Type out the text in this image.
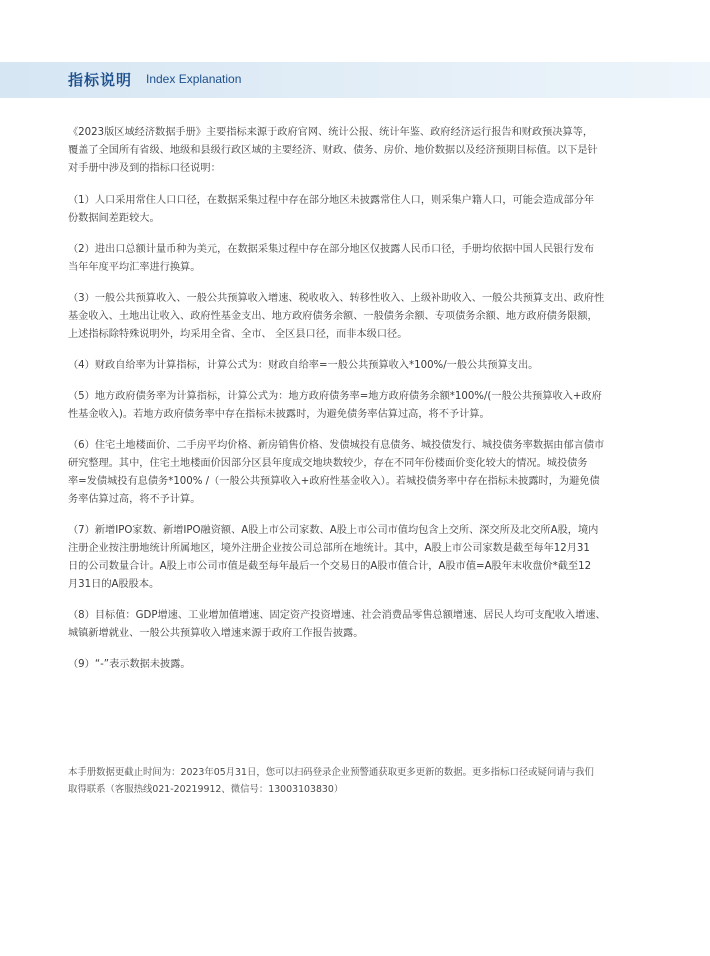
指标说明 Index Explanation

《2023版区域经济数据手册》主要指标来源于政府官网、统计公报、统计年鉴、政府经济运行报告和财政预决算等，
覆盖了全国所有省级、地级和县级行政区域的主要经济、财政、债务、房价、地价数据以及经济预期目标值。以下是针
对手册中涉及到的指标口径说明：

（1）人口采用常住人口口径，在数据采集过程中存在部分地区未披露常住人口，则采集户籍人口，可能会造成部分年
份数据间差距较大。

（2）进出口总额计量币种为美元，在数据采集过程中存在部分地区仅披露人民币口径，手册均依据中国人民银行发布
当年年度平均汇率进行换算。

（3）一般公共预算收入、一般公共预算收入增速、税收收入、转移性收入、上级补助收入、一般公共预算支出、政府性
基金收入、土地出让收入、政府性基金支出、地方政府债务余额、一般债务余额、专项债务余额、地方政府债务限额，
上述指标除特殊说明外，均采用全省、全市、 全区县口径，而非本级口径。

（4）财政自给率为计算指标，计算公式为：财政自给率=一般公共预算收入*100%/一般公共预算支出。

（5）地方政府债务率为计算指标，计算公式为：地方政府债务率=地方政府债务余额*100%/(一般公共预算收入+政府
性基金收入)。若地方政府债务率中存在指标未披露时，为避免债务率估算过高，将不予计算。

（6）住宅土地楼面价、二手房平均价格、新房销售价格、发债城投有息债务、城投债发行、城投债务率数据由郁言债市
研究整理。其中，住宅土地楼面价因部分区县年度成交地块数较少，存在不同年份楼面价变化较大的情况。城投债务
率=发债城投有息债务*100% /（一般公共预算收入+政府性基金收入）。若城投债务率中存在指标未披露时，为避免债
务率估算过高，将不予计算。

（7）新增IPO家数、新增IPO融资额、A股上市公司家数、A股上市公司市值均包含上交所、深交所及北交所A股，境内
注册企业按注册地统计所属地区，境外注册企业按公司总部所在地统计。其中，A股上市公司家数是截至每年12月31
日的公司数量合计。A股上市公司市值是截至每年最后一个交易日的A股市值合计，A股市值=A股年末收盘价*截至12
月31日的A股股本。

（8）目标值：GDP增速、工业增加值增速、固定资产投资增速、社会消费品零售总额增速、居民人均可支配收入增速、
城镇新增就业、一般公共预算收入增速来源于政府工作报告披露。

（9）“-”表示数据未披露。

本手册数据更截止时间为：2023年05月31日，您可以扫码登录企业预警通获取更多更新的数据。更多指标口径或疑问请与我们
取得联系（客服热线021-20219912、微信号：13003103830）
